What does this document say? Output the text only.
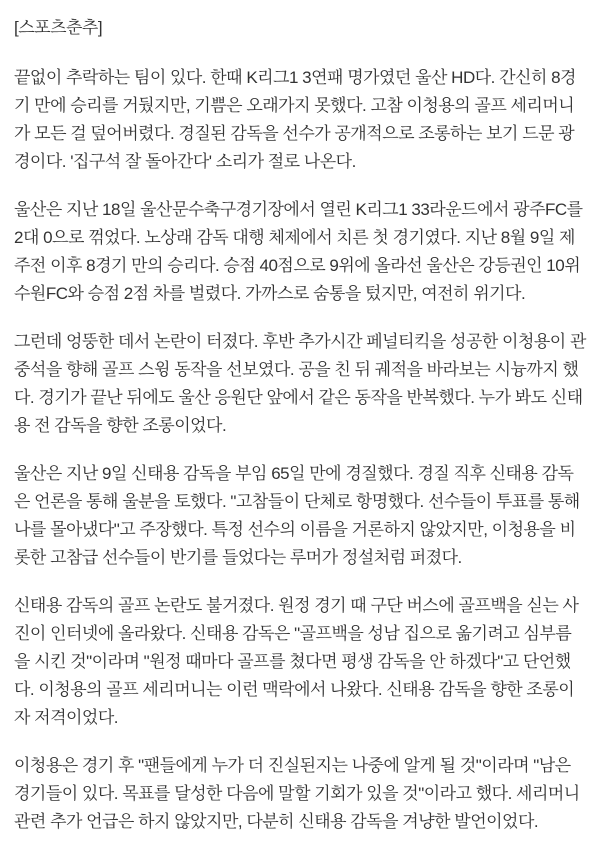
[스포츠춘추]

끝없이 추락하는 팀이 있다. 한때 K리그1 3연패 명가였던 울산 HD다. 간신히 8경기 만에 승리를 거뒀지만, 기쁨은 오래가지 못했다. 고참 이청용의 골프 세리머니가 모든 걸 덮어버렸다. 경질된 감독을 선수가 공개적으로 조롱하는 보기 드문 광경이다. '집구석 잘 돌아간다' 소리가 절로 나온다.

울산은 지난 18일 울산문수축구경기장에서 열린 K리그1 33라운드에서 광주FC를 2대 0으로 꺾었다. 노상래 감독 대행 체제에서 치른 첫 경기였다. 지난 8월 9일 제주전 이후 8경기 만의 승리다. 승점 40점으로 9위에 올라선 울산은 강등권인 10위 수원FC와 승점 2점 차를 벌렸다. 가까스로 숨통을 텄지만, 여전히 위기다.

그런데 엉뚱한 데서 논란이 터졌다. 후반 추가시간 페널티킥을 성공한 이청용이 관중석을 향해 골프 스윙 동작을 선보였다. 공을 친 뒤 궤적을 바라보는 시늉까지 했다. 경기가 끝난 뒤에도 울산 응원단 앞에서 같은 동작을 반복했다. 누가 봐도 신태용 전 감독을 향한 조롱이었다.

울산은 지난 9일 신태용 감독을 부임 65일 만에 경질했다. 경질 직후 신태용 감독은 언론을 통해 울분을 토했다. "고참들이 단체로 항명했다. 선수들이 투표를 통해 나를 몰아냈다"고 주장했다. 특정 선수의 이름을 거론하지 않았지만, 이청용을 비롯한 고참급 선수들이 반기를 들었다는 루머가 정설처럼 퍼졌다.

신태용 감독의 골프 논란도 불거졌다. 원정 경기 때 구단 버스에 골프백을 싣는 사진이 인터넷에 올라왔다. 신태용 감독은 "골프백을 성남 집으로 옮기려고 심부름을 시킨 것"이라며 "원정 때마다 골프를 쳤다면 평생 감독을 안 하겠다"고 단언했다. 이청용의 골프 세리머니는 이런 맥락에서 나왔다. 신태용 감독을 향한 조롱이자 저격이었다.

이청용은 경기 후 "팬들에게 누가 더 진실된지는 나중에 알게 될 것"이라며 "남은 경기들이 있다. 목표를 달성한 다음에 말할 기회가 있을 것"이라고 했다. 세리머니 관련 추가 언급은 하지 않았지만, 다분히 신태용 감독을 겨냥한 발언이었다.
